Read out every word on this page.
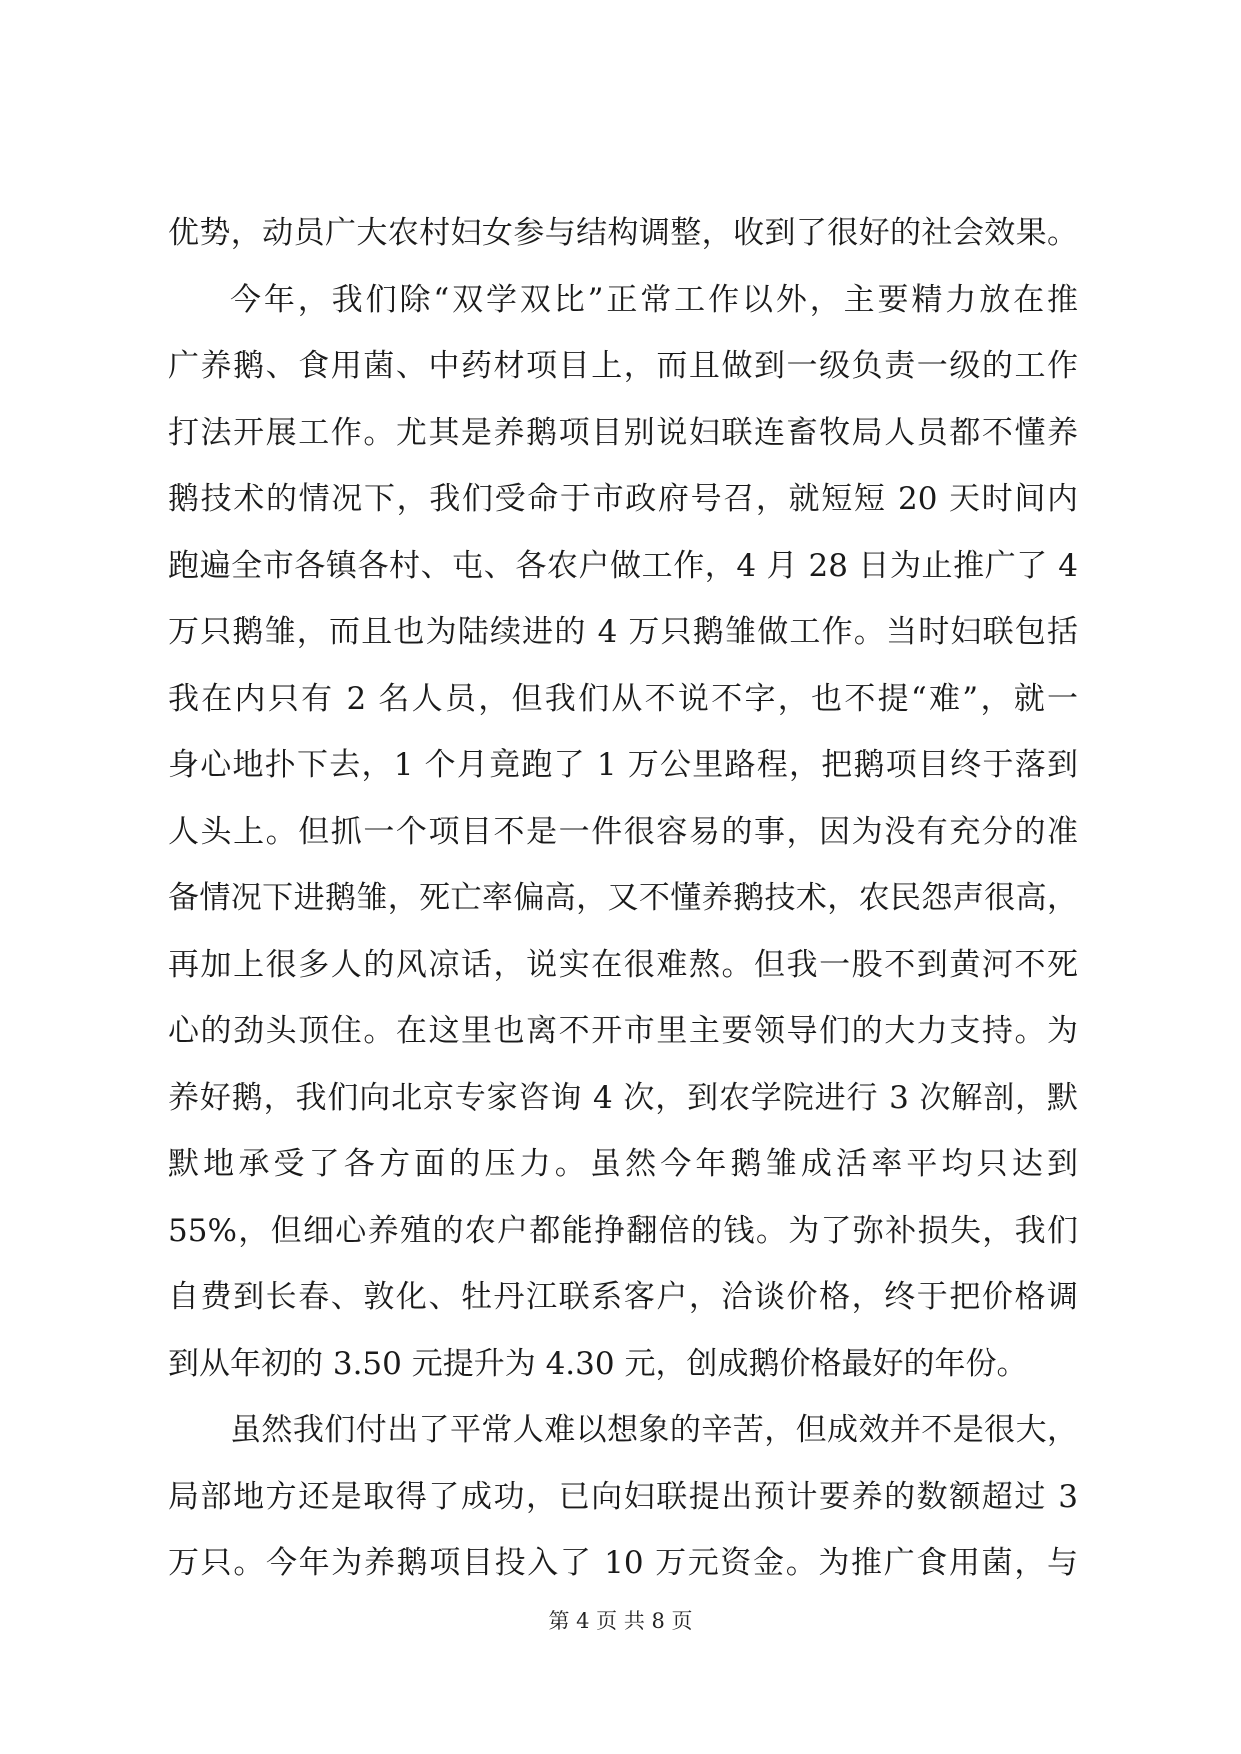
优势，动员广大农村妇女参与结构调整，收到了很好的社会效果。
今年，我们除“双学双比”正常工作以外，主要精力放在推
广养鹅、食用菌、中药材项目上，而且做到一级负责一级的工作
打法开展工作。尤其是养鹅项目别说妇联连畜牧局人员都不懂养
鹅技术的情况下，我们受命于市政府号召，就短短 20 天时间内
跑遍全市各镇各村、屯、各农户做工作，4 月 28 日为止推广了 4
万只鹅雏，而且也为陆续进的 4 万只鹅雏做工作。当时妇联包括
我在内只有 2 名人员，但我们从不说不字，也不提“难”，就一
身心地扑下去，1 个月竟跑了 1 万公里路程，把鹅项目终于落到
人头上。但抓一个项目不是一件很容易的事，因为没有充分的准
备情况下进鹅雏，死亡率偏高，又不懂养鹅技术，农民怨声很高，
再加上很多人的风凉话，说实在很难熬。但我一股不到黄河不死
心的劲头顶住。在这里也离不开市里主要领导们的大力支持。为
养好鹅，我们向北京专家咨询 4 次，到农学院进行 3 次解剖，默
默地承受了各方面的压力。虽然今年鹅雏成活率平均只达到
55%，但细心养殖的农户都能挣翻倍的钱。为了弥补损失，我们
自费到长春、敦化、牡丹江联系客户，洽谈价格，终于把价格调
到从年初的 3.50 元提升为 4.30 元，创成鹅价格最好的年份。
虽然我们付出了平常人难以想象的辛苦，但成效并不是很大，
局部地方还是取得了成功，已向妇联提出预计要养的数额超过 3
万只。今年为养鹅项目投入了 10 万元资金。为推广食用菌，与
第 4 页 共 8 页
